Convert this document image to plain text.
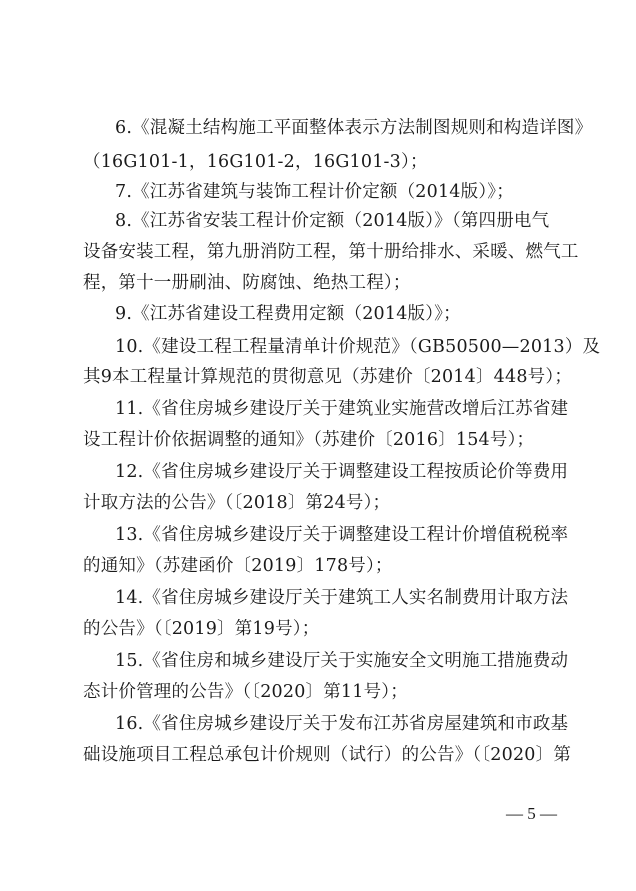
6.《混凝土结构施工平面整体表示方法制图规则和构造详图》
（16G101-1，16G101-2，16G101-3）；
7.《江苏省建筑与装饰工程计价定额（2014版）》；
8.《江苏省安装工程计价定额（2014版）》（第四册电气
设备安装工程，第九册消防工程，第十册给排水、采暖、燃气工
程，第十一册刷油、防腐蚀、绝热工程）；
9.《江苏省建设工程费用定额（2014版）》；
10.《建设工程工程量清单计价规范》（GB50500—2013）及
其9本工程量计算规范的贯彻意见（苏建价〔2014〕448号）；
11.《省住房城乡建设厅关于建筑业实施营改增后江苏省建
设工程计价依据调整的通知》（苏建价〔2016〕154号）；
12.《省住房城乡建设厅关于调整建设工程按质论价等费用
计取方法的公告》（〔2018〕第24号）；
13.《省住房城乡建设厅关于调整建设工程计价增值税税率
的通知》（苏建函价〔2019〕178号）；
14.《省住房城乡建设厅关于建筑工人实名制费用计取方法
的公告》（〔2019〕第19号）；
15.《省住房和城乡建设厅关于实施安全文明施工措施费动
态计价管理的公告》（〔2020〕第11号）；
16.《省住房城乡建设厅关于发布江苏省房屋建筑和市政基
础设施项目工程总承包计价规则（试行）的公告》（〔2020〕第
— 5 —
